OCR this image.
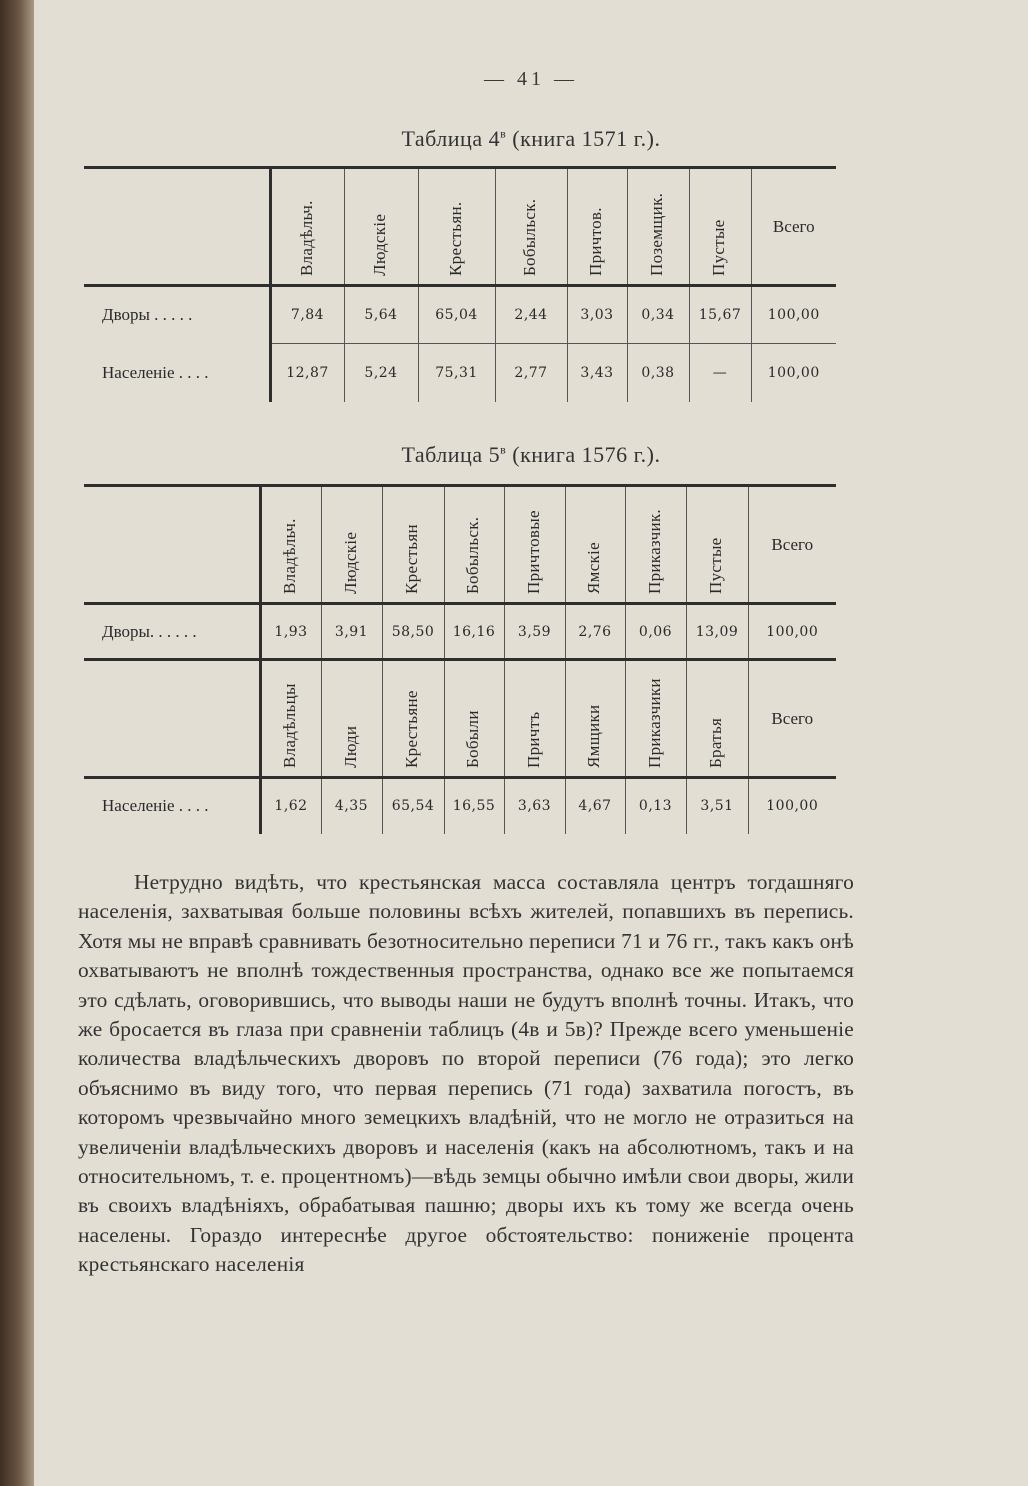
— 41 —
Таблица $4^в$ (книга 1571 г.).

	Владѣльч.	Людскіе	Крестьян.	Бобыльск.	Причтов.	Поземщик.	Пустые	Всего
Дворы . . . . .	7,84	5,64	65,04	2,44	3,03	0,34	15,67	100,00
Населеніе . . . .	12,87	5,24	75,31	2,77	3,43	0,38	—	100,00
Таблица $5^в$ (книга 1576 г.).

	Владѣльч.	Людскіе	Крестьян	Бобыльск.	Причтовые	Ямскіе	Приказчик.	Пустые	Всего
Дворы. . . . . .	1,93	3,91	58,50	16,16	3,59	2,76	0,06	13,09	100,00

	Владѣльцы	Люди	Крестьяне	Бобыли	Причтъ	Ямщики	Приказчики	Братья	Всего
Населеніе . . . .	1,62	4,35	65,54	16,55	3,63	4,67	0,13	3,51	100,00

Нетрудно видѣть, что крестьянская масса составляла центръ тогдашняго населенія, захватывая больше половины всѣхъ жителей, попавшихъ въ перепись. Хотя мы не вправѣ сравнивать безотносительно переписи 71 и 76 гг., такъ какъ онѣ охватываютъ не вполнѣ тождественныя пространства, однако все же попытаемся это сдѣлать, оговорившись, что выводы наши не будутъ вполнѣ точны. Итакъ, что же бросается въ глаза при сравненіи таблицъ (4в и 5в)? Прежде всего уменьшеніе количества владѣльческихъ дворовъ по второй переписи (76 года); это легко объяснимо въ виду того, что первая перепись (71 года) захватила погостъ, въ которомъ чрезвычайно много земецкихъ владѣній, что не могло не отразиться на увеличеніи владѣльческихъ дворовъ и населенія (какъ на абсолютномъ, такъ и на относительномъ, т. е. процентномъ)—вѣдь земцы обычно имѣли свои дворы, жили въ своихъ владѣніяхъ, обрабатывая пашню; дворы ихъ къ тому же всегда очень населены. Гораздо интереснѣе другое обстоятельство: пониженіе процента крестьянскаго населенія
